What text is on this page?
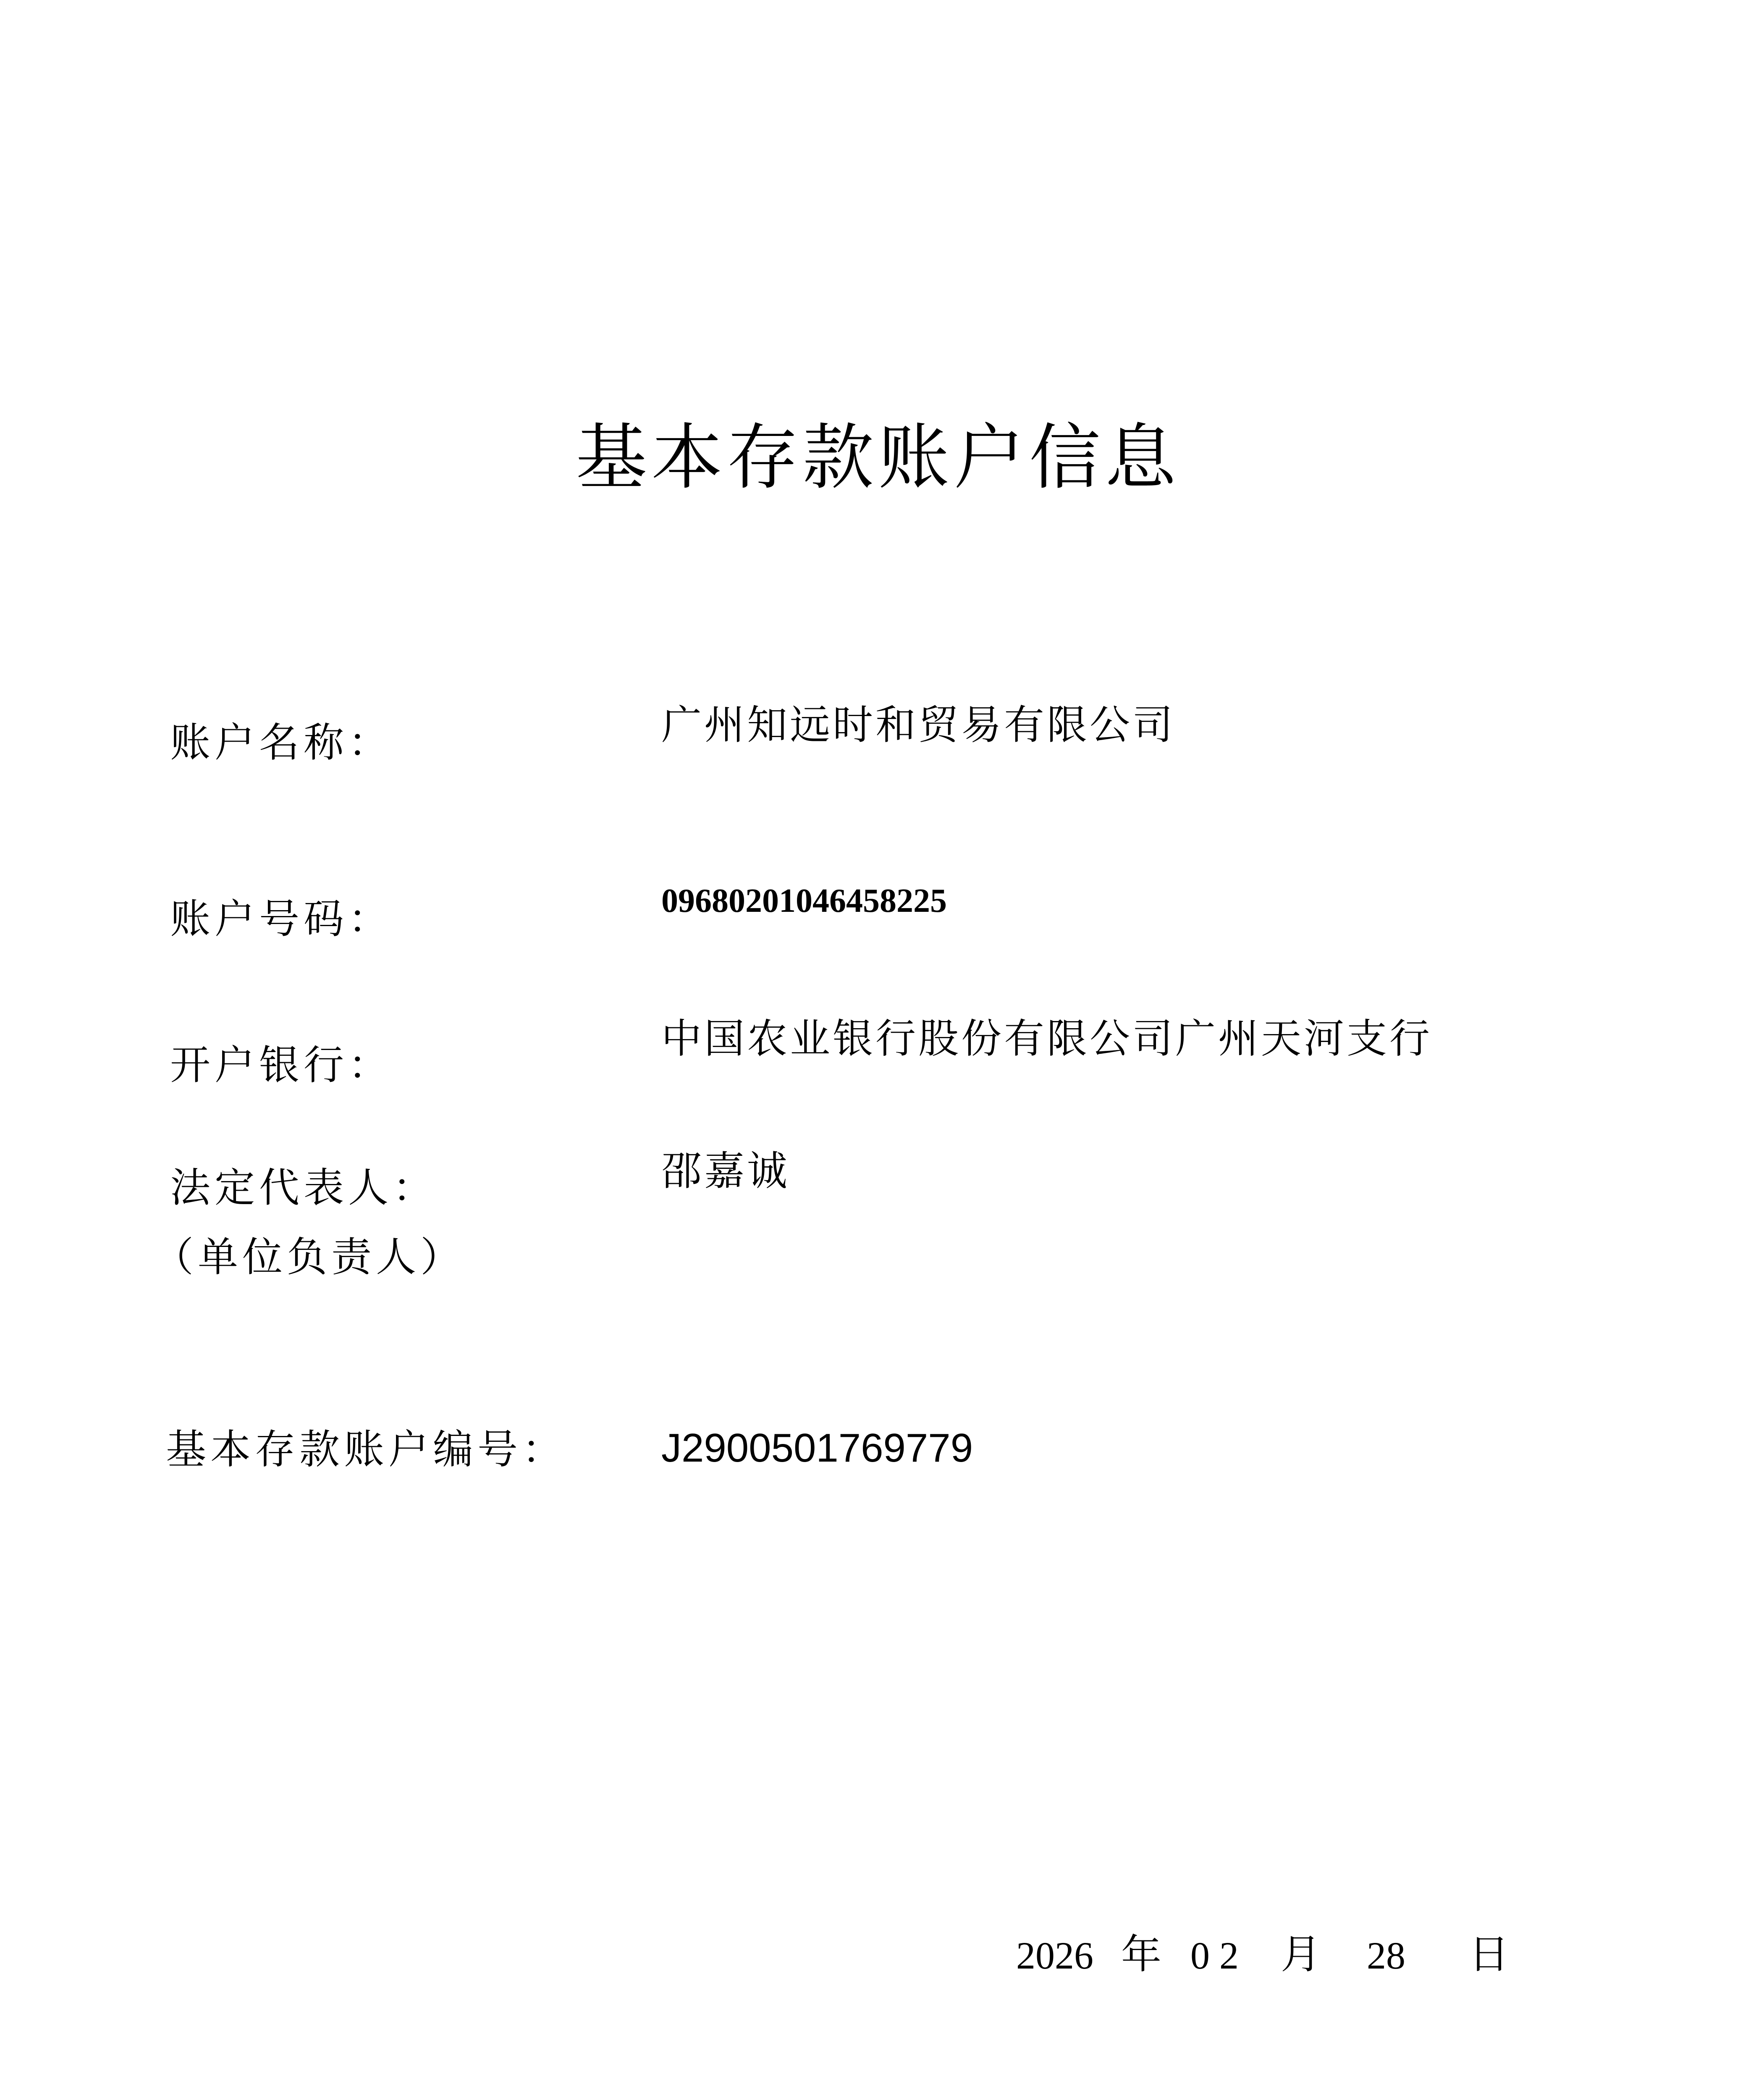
基本存款账户信息
账户名称：	广州知远时和贸易有限公司
账户号码：	09680201046458225
开户银行：
中国农业银行股份有限公司广州天河支行
法定代表人：
（单位负责人）
邵嘉诚
基本存款账户编号： J2900501769779
2026 年 0 2 月 28 日
